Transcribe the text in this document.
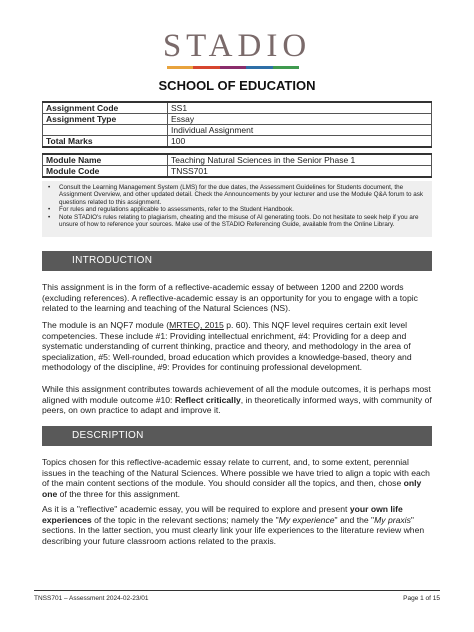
STADIO
SCHOOL OF EDUCATION
Assignment Code	SS1
Assignment Type	Essay
	Individual Assignment
Total Marks	100
Module Name	Teaching Natural Sciences in the Senior Phase 1
Module Code	TNSS701
• Consult the Learning Management System (LMS) for the due dates, the Assessment Guidelines for Students document, the Assignment Overview, and other updated detail. Check the Announcements by your lecturer and use the Module Q&A forum to ask questions related to this assignment.
• For rules and regulations applicable to assessments, refer to the Student Handbook.
• Note STADIO's rules relating to plagiarism, cheating and the misuse of AI generating tools. Do not hesitate to seek help if you are unsure of how to reference your sources. Make use of the STADIO Referencing Guide, available from the Online Library.
INTRODUCTION

This assignment is in the form of a reflective-academic essay of between 1200 and 2200 words (excluding references). A reflective-academic essay is an opportunity for you to engage with a topic related to the learning and teaching of the Natural Sciences (NS).

The module is an NQF7 module (MRTEQ, 2015 p. 60). This NQF level requires certain exit level competencies. These include #1: Providing intellectual enrichment, #4: Providing for a deep and systematic understanding of current thinking, practice and theory, and methodology in the area of specialization, #5: Well-rounded, broad education which provides a knowledge-based, theory and methodology of the discipline, #9: Provides for continuing professional development.

While this assignment contributes towards achievement of all the module outcomes, it is perhaps most aligned with module outcome #10: Reflect critically, in theoretically informed ways, with community of peers, on own practice to adapt and improve it.

DESCRIPTION

Topics chosen for this reflective-academic essay relate to current, and, to some extent, perennial issues in the teaching of the Natural Sciences. Where possible we have tried to align a topic with each of the main content sections of the module. You should consider all the topics, and then, chose only one of the three for this assignment.

As it is a "reflective" academic essay, you will be required to explore and present your own life experiences of the topic in the relevant sections; namely the "My experience" and the "My praxis" sections. In the latter section, you must clearly link your life experiences to the literature review when describing your future classroom actions related to the praxis.

TNSS701 – Assessment 2024-02-23/01	Page 1 of 15
